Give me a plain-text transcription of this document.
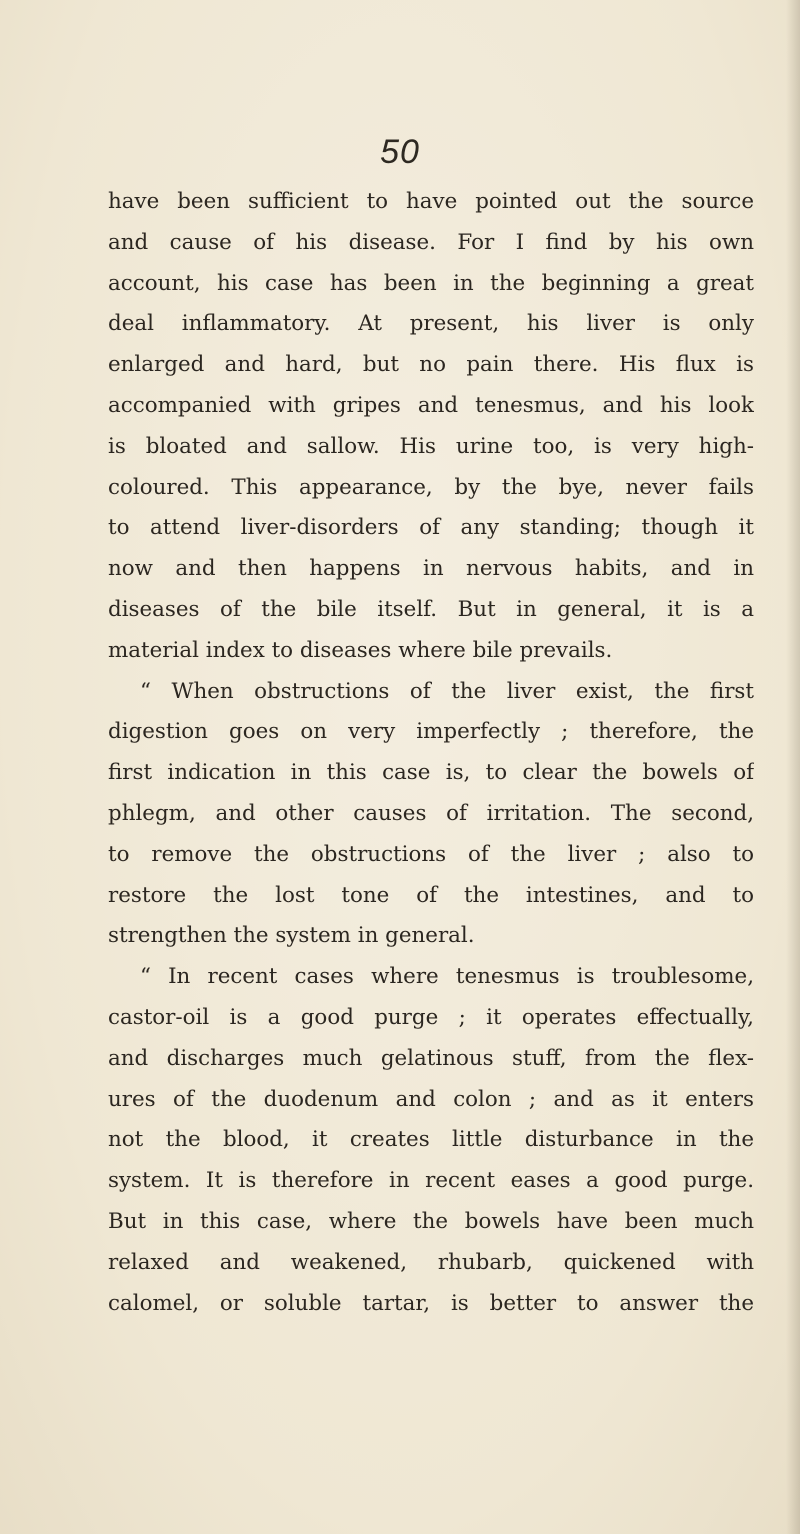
50
have been sufficient to have pointed out the source
and cause of his disease. For I find by his own
account, his case has been in the beginning a great
deal inflammatory. At present, his liver is only
enlarged and hard, but no pain there. His flux is
accompanied with gripes and tenesmus, and his look
is bloated and sallow. His urine too, is very high-
coloured. This appearance, by the bye, never fails
to attend liver-disorders of any standing; though it
now and then happens in nervous habits, and in
diseases of the bile itself. But in general, it is a
material index to diseases where bile prevails.
“ When obstructions of the liver exist, the first
digestion goes on very imperfectly ; therefore, the
first indication in this case is, to clear the bowels of
phlegm, and other causes of irritation. The second,
to remove the obstructions of the liver ; also to
restore the lost tone of the intestines, and to
strengthen the system in general.
“ In recent cases where tenesmus is troublesome,
castor-oil is a good purge ; it operates effectually,
and discharges much gelatinous stuff, from the flex-
ures of the duodenum and colon ; and as it enters
not the blood, it creates little disturbance in the
system. It is therefore in recent eases a good purge.
But in this case, where the bowels have been much
relaxed and weakened, rhubarb, quickened with
calomel, or soluble tartar, is better to answer the
